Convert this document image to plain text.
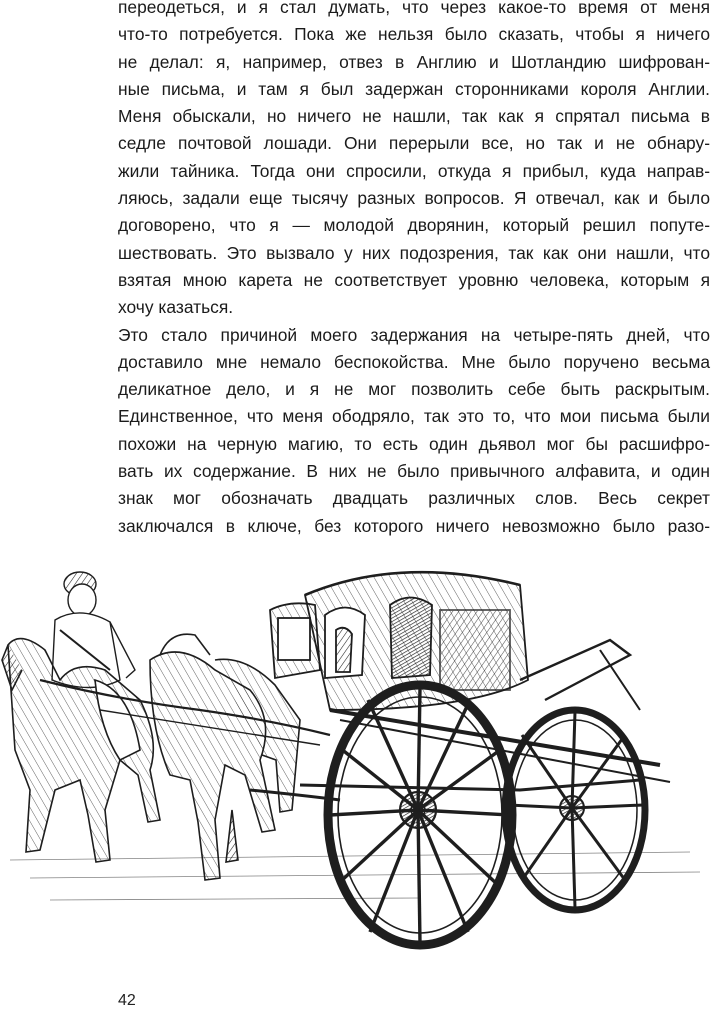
переодеться, и я стал думать, что через какое-то время от меня
что-то потребуется. Пока же нельзя было сказать, чтобы я ничего
не делал: я, например, отвез в Англию и Шотландию шифрован-
ные письма, и там я был задержан сторонниками короля Англии.
Меня обыскали, но ничего не нашли, так как я спрятал письма в
седле почтовой лошади. Они перерыли все, но так и не обнару-
жили тайника. Тогда они спросили, откуда я прибыл, куда направ-
ляюсь, задали еще тысячу разных вопросов. Я отвечал, как и было
договорено, что я — молодой дворянин, который решил попуте-
шествовать. Это вызвало у них подозрения, так как они нашли, что
взятая мною карета не соответствует уровню человека, которым я
хочу казаться.
Это стало причиной моего задержания на четыре-пять дней, что
доставило мне немало беспокойства. Мне было поручено весьма
деликатное дело, и я не мог позволить себе быть раскрытым.
Единственное, что меня ободряло, так это то, что мои письма были
похожи на черную магию, то есть один дьявол мог бы расшифро-
вать их содержание. В них не было привычного алфавита, и один
знак мог обозначать двадцать различных слов. Весь секрет
заключался в ключе, без которого ничего невозможно было разо-
42
